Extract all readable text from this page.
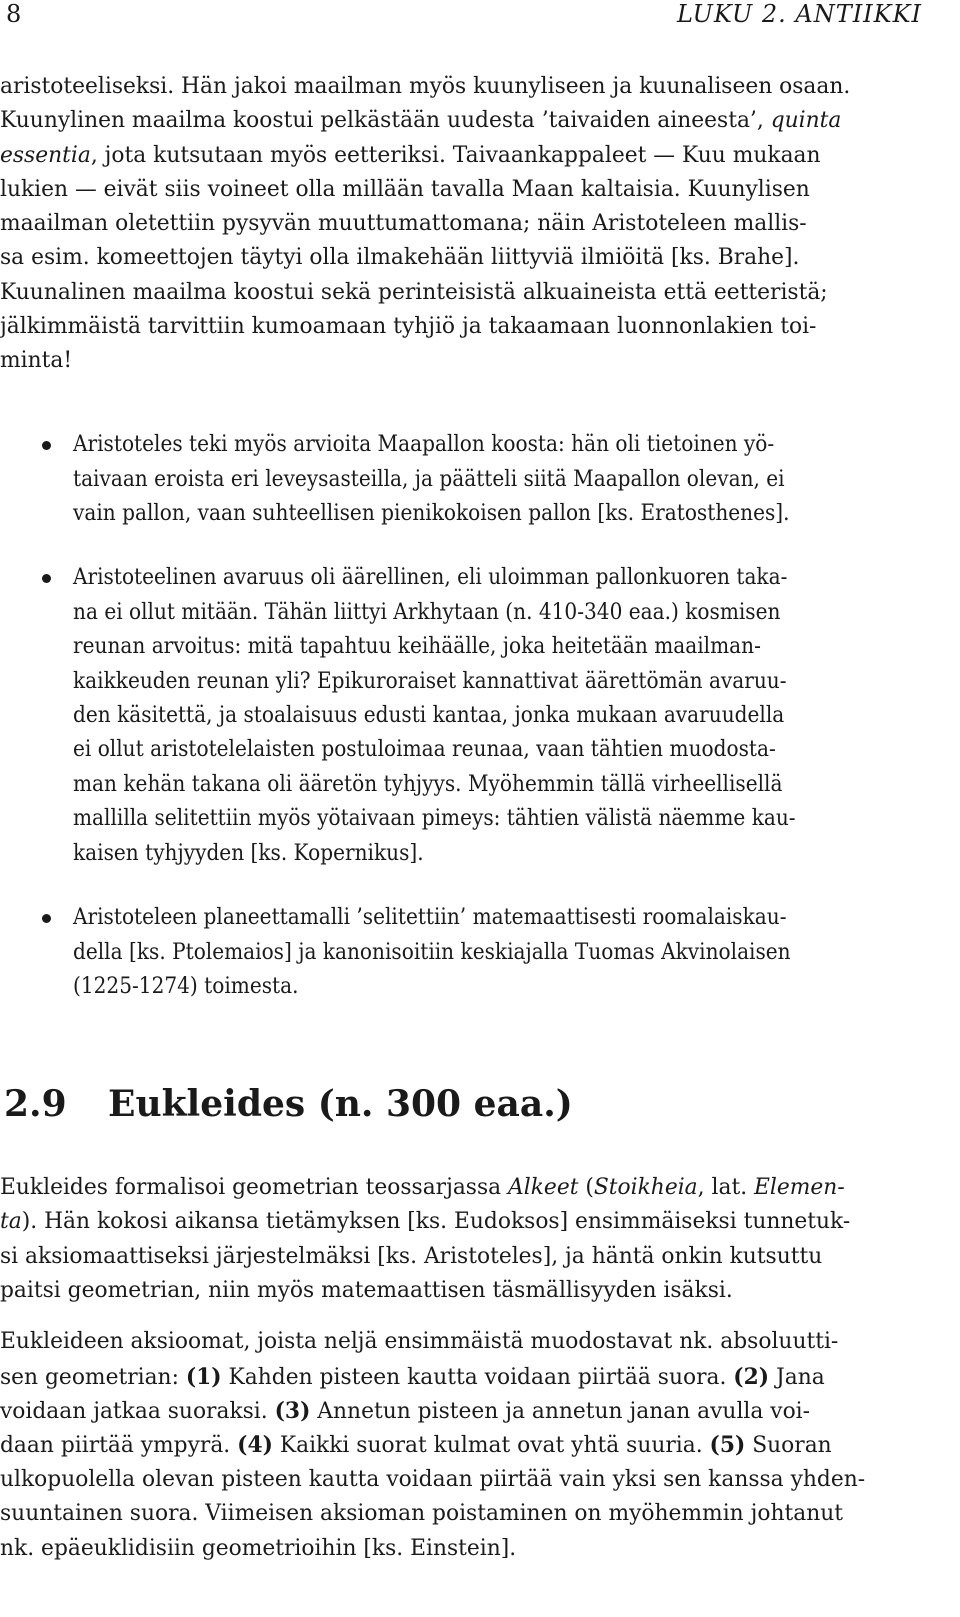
8	LUKU 2. ANTIIKKI

aristoteeliseksi. Hän jakoi maailman myös kuunyliseen ja kuunaliseen osaan.

Kuunylinen maailma koostui pelkästään uudesta ’taivaiden aineesta’, quinta

essentia, jota kutsutaan myös eetteriksi. Taivaankappaleet — Kuu mukaan

lukien — eivät siis voineet olla millään tavalla Maan kaltaisia. Kuunylisen

maailman oletettiin pysyvän muuttumattomana; näin Aristoteleen mallis-

sa esim. komeettojen täytyi olla ilmakehään liittyviä ilmiöitä [ks. Brahe].

Kuunalinen maailma koostui sekä perinteisistä alkuaineista että eetteristä;

jälkimmäistä tarvittiin kumoamaan tyhjiö ja takaamaan luonnonlakien toi-

minta!

Aristoteles teki myös arvioita Maapallon koosta: hän oli tietoinen yö-

taivaan eroista eri leveysasteilla, ja päätteli siitä Maapallon olevan, ei

vain pallon, vaan suhteellisen pienikokoisen pallon [ks. Eratosthenes].

Aristoteelinen avaruus oli äärellinen, eli uloimman pallonkuoren taka-

na ei ollut mitään. Tähän liittyi Arkhytaan (n. 410-340 eaa.) kosmisen

reunan arvoitus: mitä tapahtuu keihäälle, joka heitetään maailman-

kaikkeuden reunan yli? Epikuroraiset kannattivat äärettömän avaruu-

den käsitettä, ja stoalaisuus edusti kantaa, jonka mukaan avaruudella

ei ollut aristotelelaisten postuloimaa reunaa, vaan tähtien muodosta-

man kehän takana oli ääretön tyhjyys. Myöhemmin tällä virheellisellä

mallilla selitettiin myös yötaivaan pimeys: tähtien välistä näemme kau-

kaisen tyhjyyden [ks. Kopernikus].

Aristoteleen planeettamalli ’selitettiin’ matemaattisesti roomalaiskau-

della [ks. Ptolemaios] ja kanonisoitiin keskiajalla Tuomas Akvinolaisen

(1225-1274) toimesta.

2.9 Eukleides (n. 300 eaa.)

Eukleides formalisoi geometrian teossarjassa Alkeet (Stoikheia, lat. Elemen-

ta). Hän kokosi aikansa tietämyksen [ks. Eudoksos] ensimmäiseksi tunnetuk-

si aksiomaattiseksi järjestelmäksi [ks. Aristoteles], ja häntä onkin kutsuttu

paitsi geometrian, niin myös matemaattisen täsmällisyyden isäksi.

Eukleideen aksioomat, joista neljä ensimmäistä muodostavat nk. absoluutti-

sen geometrian: (1) Kahden pisteen kautta voidaan piirtää suora. (2) Jana

voidaan jatkaa suoraksi. (3) Annetun pisteen ja annetun janan avulla voi-

daan piirtää ympyrä. (4) Kaikki suorat kulmat ovat yhtä suuria. (5) Suoran

ulkopuolella olevan pisteen kautta voidaan piirtää vain yksi sen kanssa yhden-

suuntainen suora. Viimeisen aksioman poistaminen on myöhemmin johtanut

nk. epäeuklidisiin geometrioihin [ks. Einstein].
